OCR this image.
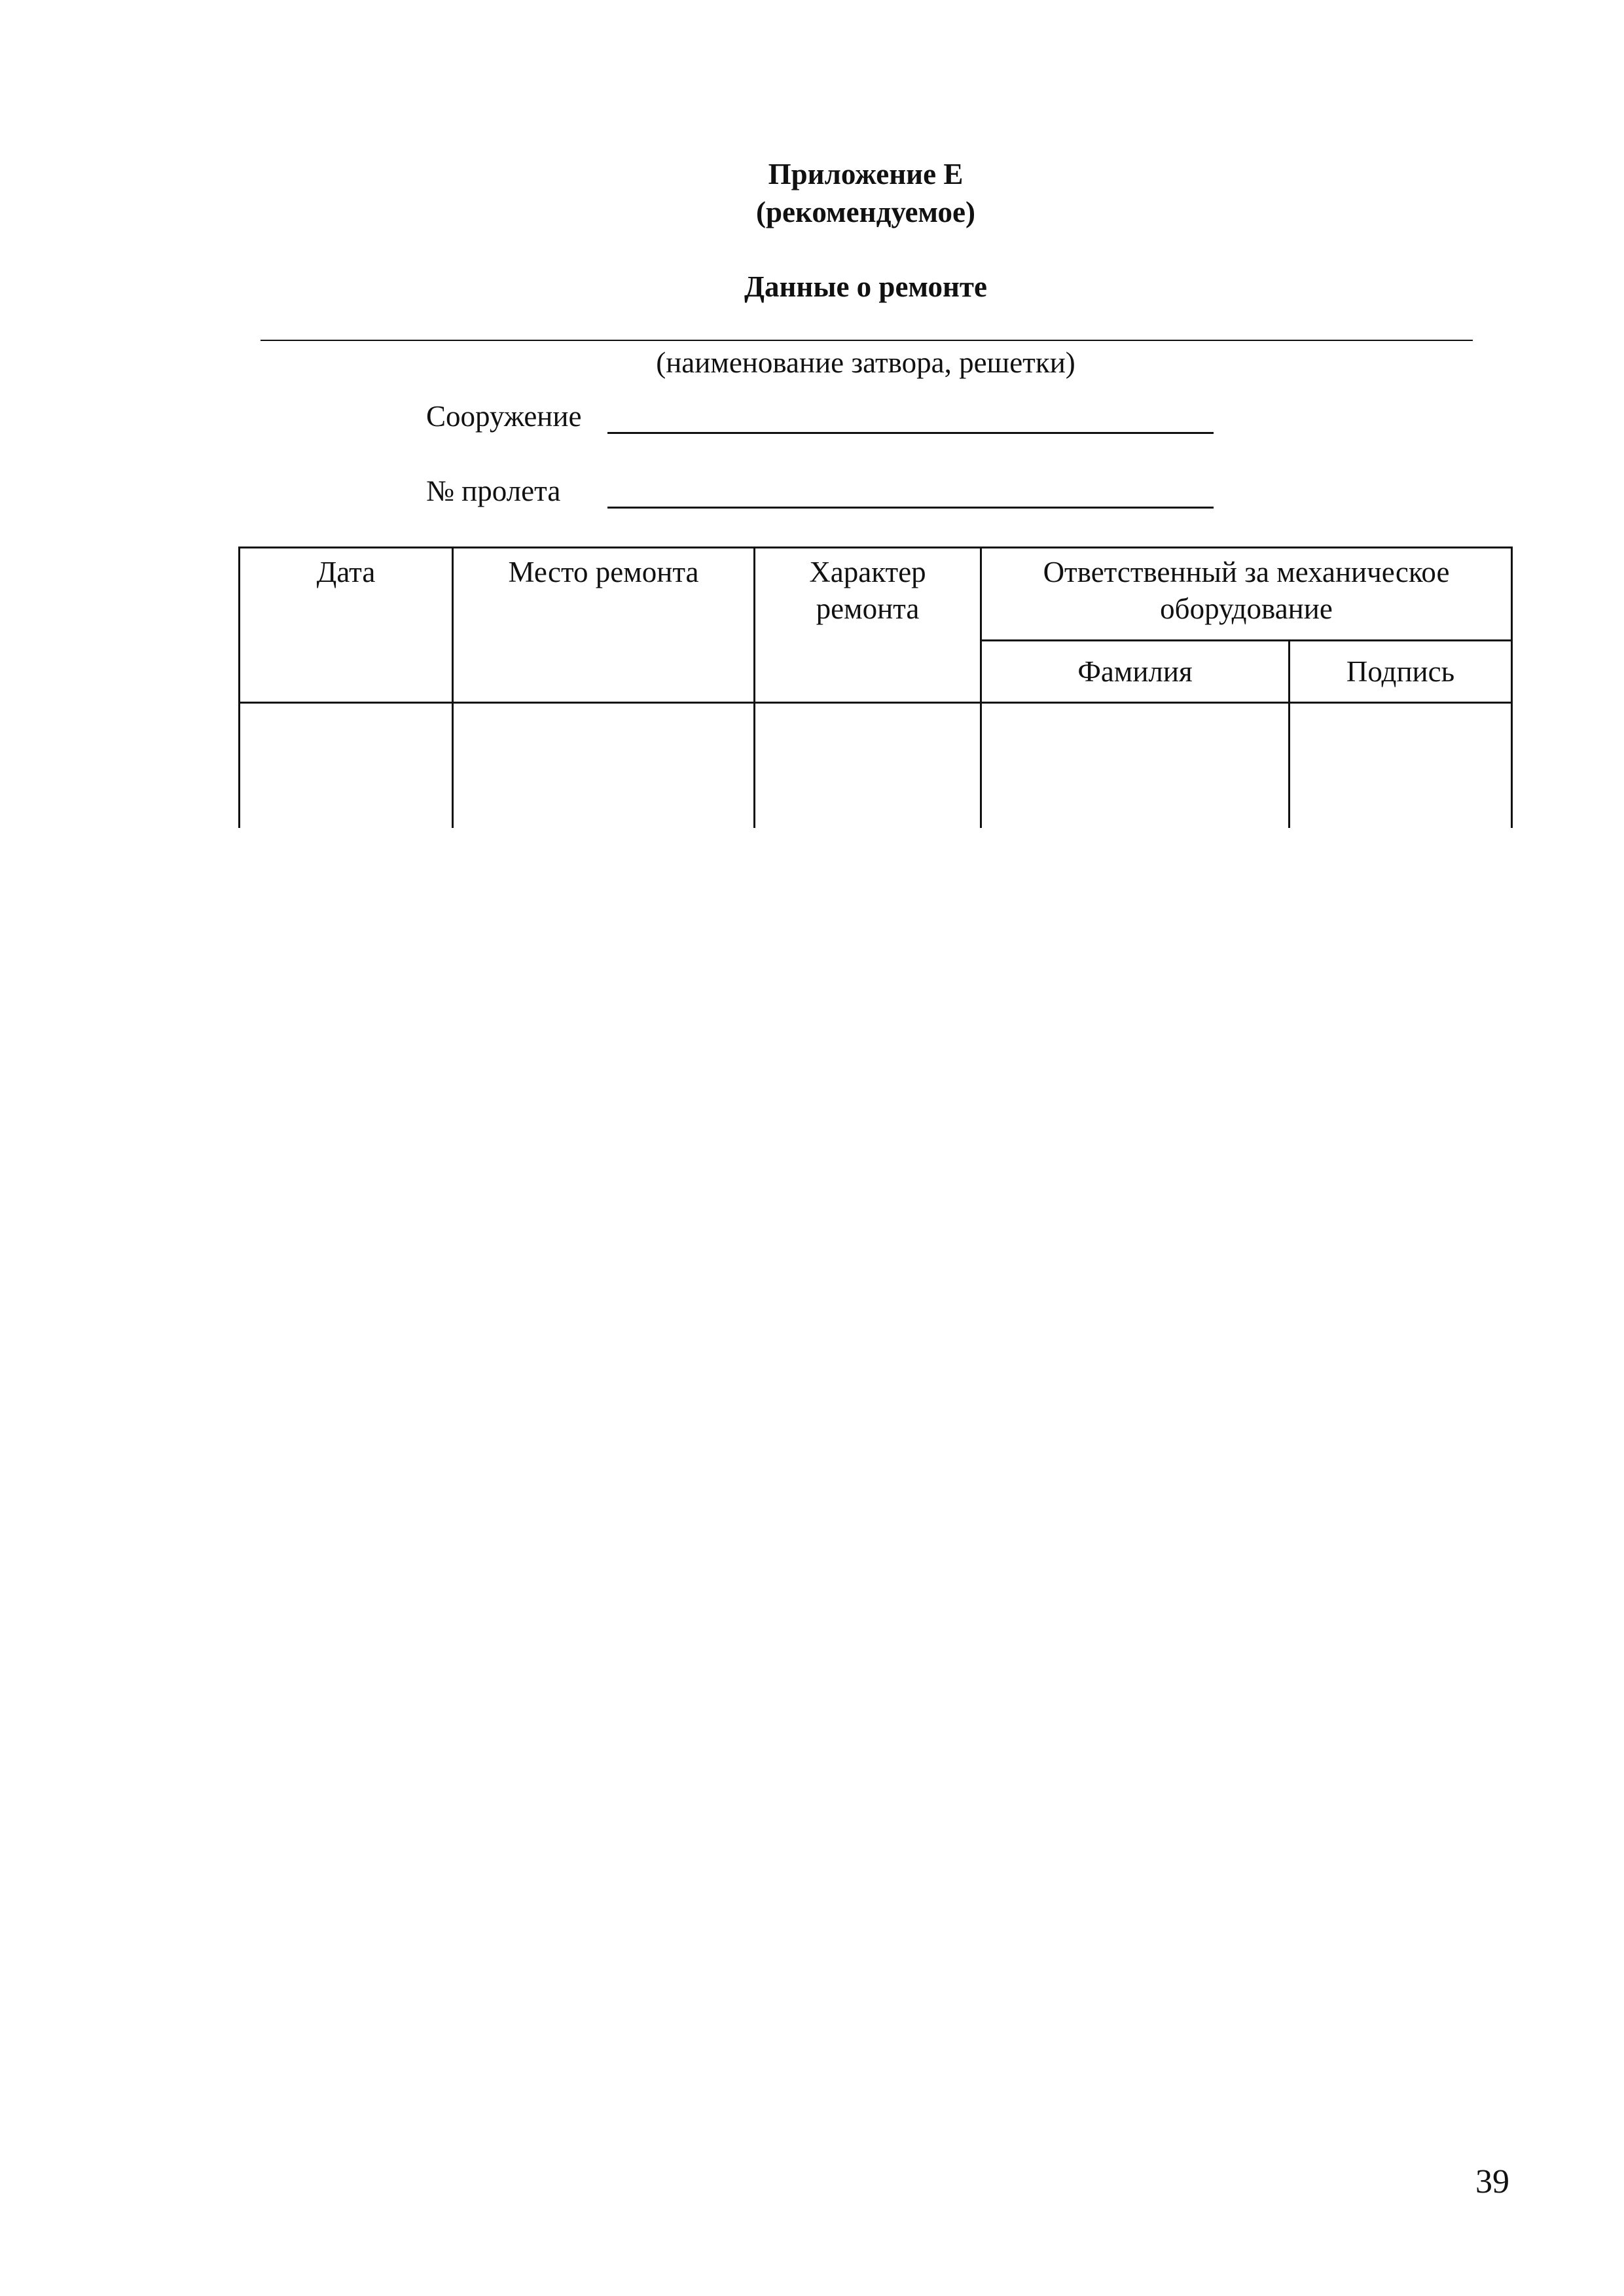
Приложение Е
(рекомендуемое)
Данные о ремонте
(наименование затвора, решетки)
Сооружение
№ пролета
Дата	Место ремонта	Характер ремонта	Ответственный за механическое оборудование	
			Фамилия	Подпись

39
